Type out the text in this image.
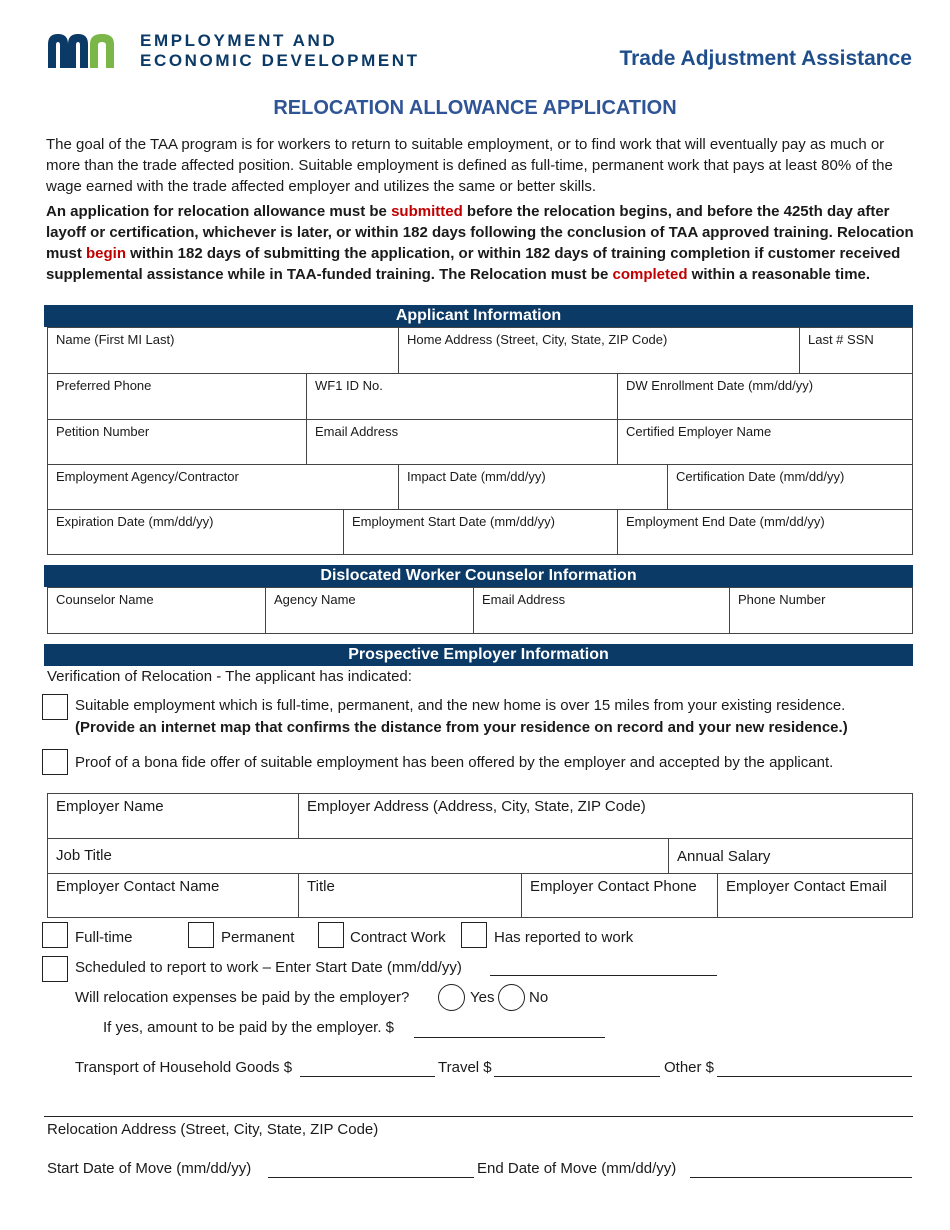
EMPLOYMENT AND
ECONOMIC DEVELOPMENT	Trade Adjustment Assistance
RELOCATION ALLOWANCE APPLICATION
The goal of the TAA program is for workers to return to suitable employment, or to find work that will eventually pay as much or more than the trade affected position. Suitable employment is defined as full-time, permanent work that pays at least 80% of the wage earned with the trade affected employer and utilizes the same or better skills.
An application for relocation allowance must be submitted before the relocation begins, and before the 425th day after layoff or certification, whichever is later, or within 182 days following the conclusion of TAA approved training. Relocation must begin within 182 days of submitting the application, or within 182 days of training completion if customer received supplemental assistance while in TAA-funded training. The Relocation must be completed within a reasonable time.
Applicant Information
Name (First MI Last)	Home Address (Street, City, State, ZIP Code)	Last # SSN
Preferred Phone	WF1 ID No.	DW Enrollment Date (mm/dd/yy)
Petition Number	Email Address	Certified Employer Name
Employment Agency/Contractor	Impact Date (mm/dd/yy)	Certification Date (mm/dd/yy)
Expiration Date (mm/dd/yy)	Employment Start Date (mm/dd/yy)	Employment End Date (mm/dd/yy)
Dislocated Worker Counselor Information
Counselor Name	Agency Name	Email Address	Phone Number
Prospective Employer Information
Verification of Relocation - The applicant has indicated:
Suitable employment which is full-time, permanent, and the new home is over 15 miles from your existing residence.
(Provide an internet map that confirms the distance from your residence on record and your new residence.)
Proof of a bona fide offer of suitable employment has been offered by the employer and accepted by the applicant.
Employer Name	Employer Address (Address, City, State, ZIP Code)
Job Title	Annual Salary
Employer Contact Name	Title	Employer Contact Phone	Employer Contact Email
Full-time	Permanent	Contract Work	Has reported to work
Scheduled to report to work – Enter Start Date (mm/dd/yy)
Will relocation expenses be paid by the employer?	Yes No
If yes, amount to be paid by the employer. $
Transport of Household Goods $	Travel $	Other $
Relocation Address (Street, City, State, ZIP Code)
Start Date of Move (mm/dd/yy)	End Date of Move (mm/dd/yy)
